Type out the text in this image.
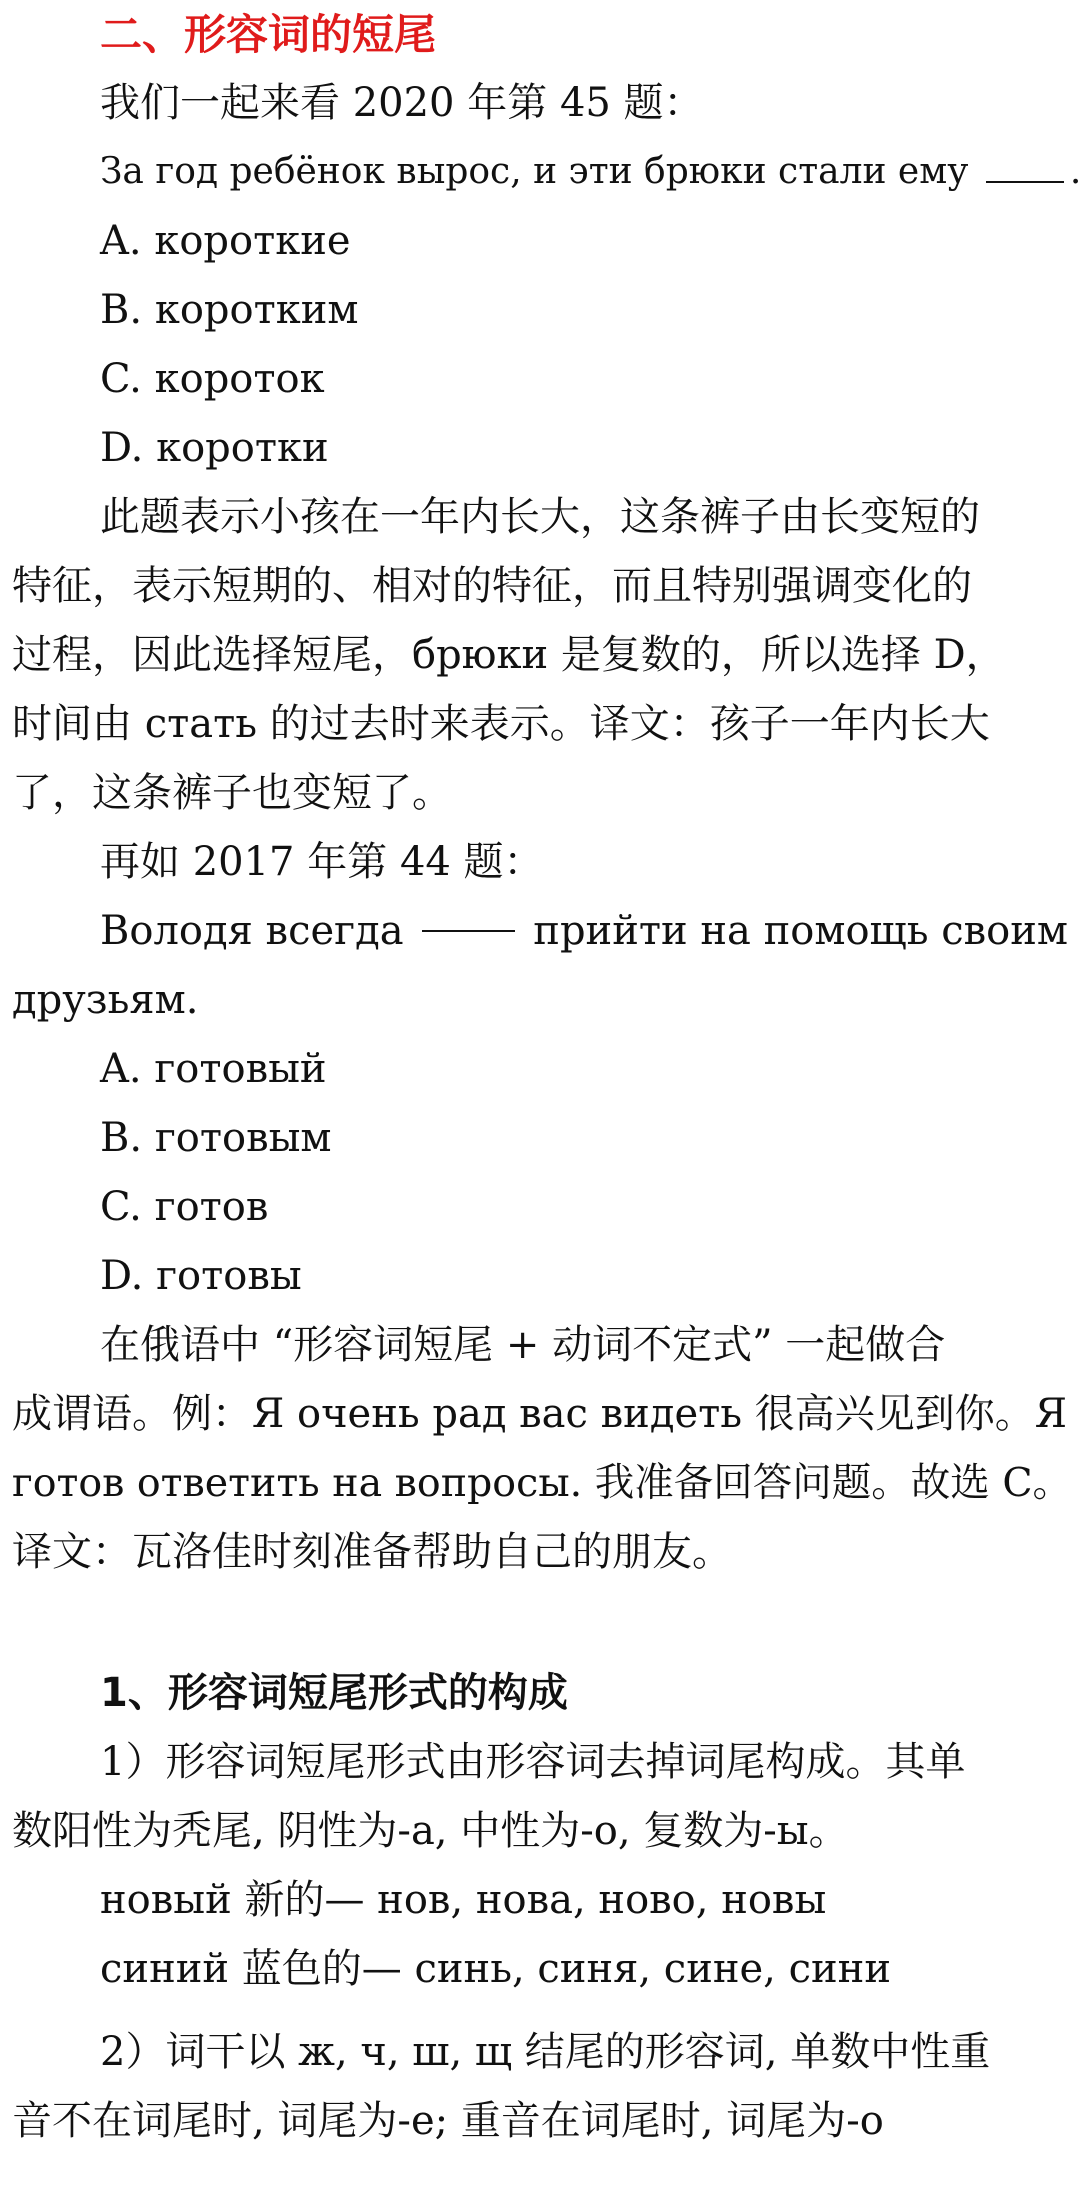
二、形容词的短尾
我们一起来看 2020 年第 45 题：
За год ребёнок вырос, и эти брюки стали ему	.
A. короткие
B. коротким
C. короток
D. коротки
此题表示小孩在一年内长大，这条裤子由长变短的
特征，表示短期的、相对的特征，而且特别强调变化的
过程，因此选择短尾，брюки 是复数的，所以选择 D，
时间由 стать 的过去时来表示。译文：孩子一年内长大
了，这条裤子也变短了。
再如 2017 年第 44 题：
Володя всегда	прийти на помощь своим
друзьям.
A. готовый
B. готовым
C. готов
D. готовы
在俄语中 “形容词短尾 + 动词不定式” 一起做合
成谓语。例：Я очень рад вас видеть 很高兴见到你。Я
готов ответить на вопросы. 我准备回答问题。故选 C。
译文：瓦洛佳时刻准备帮助自己的朋友。
1、形容词短尾形式的构成
1）形容词短尾形式由形容词去掉词尾构成。其单
数阳性为秃尾, 阴性为-а, 中性为-о, 复数为-ы。
новый 新的— нов, нова, ново, новы
синий 蓝色的— синь, синя, сине, сини
2）词干以 ж, ч, ш, щ 结尾的形容词, 单数中性重
音不在词尾时, 词尾为-е; 重音在词尾时, 词尾为-о
